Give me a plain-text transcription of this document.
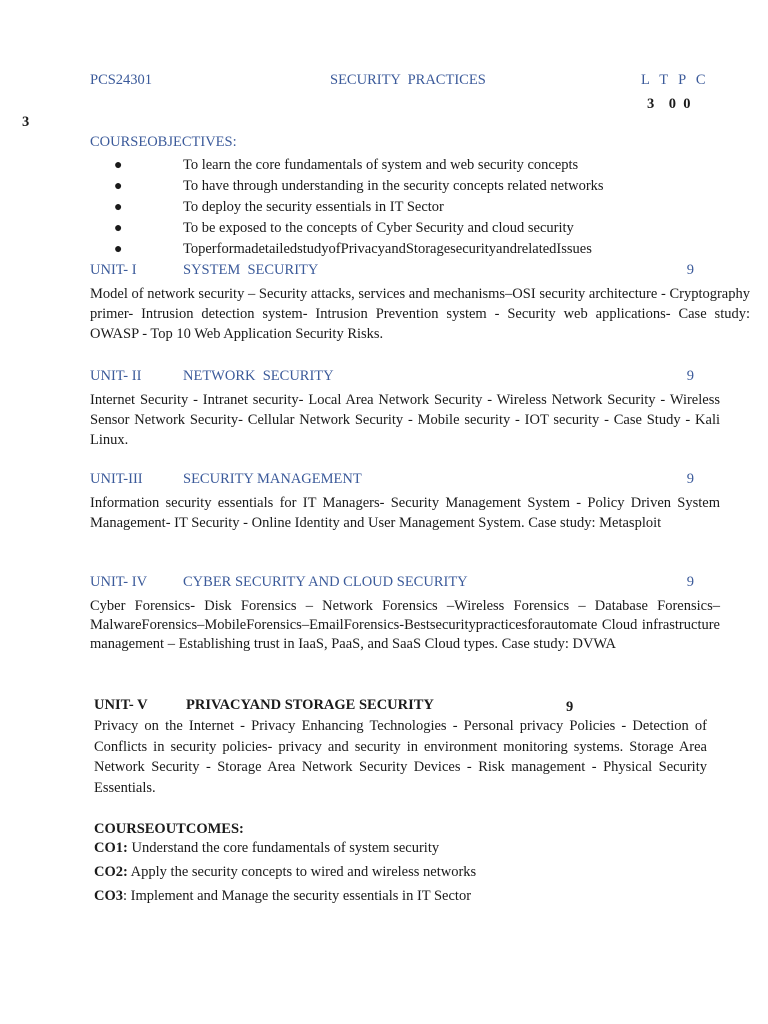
PCS24301	SECURITY  PRACTICES	L  T  P  C
3    0  0
3
COURSEOBJECTIVES:
●	To learn the core fundamentals of system and web security concepts
●	To have through understanding in the security concepts related networks
●	To deploy the security essentials in IT Sector
●	To be exposed to the concepts of Cyber Security and cloud security
●	ToperformadetailedstudyofPrivacyandStoragesecurityandrelatedIssues
UNIT- I	SYSTEM  SECURITY	9
Model of network security – Security attacks, services and mechanisms–OSI security architecture - Cryptography primer- Intrusion detection system- Intrusion Prevention system - Security web applications- Case study: OWASP - Top 10 Web Application Security Risks.
UNIT- II	NETWORK  SECURITY	9
Internet Security - Intranet security- Local Area Network Security - Wireless Network Security - Wireless Sensor Network Security- Cellular Network Security - Mobile security - IOT security - Case Study - Kali Linux.
UNIT-III	SECURITY MANAGEMENT	9
Information security essentials for IT Managers- Security Management System - Policy Driven System Management- IT Security - Online Identity and User Management System. Case study: Metasploit
UNIT- IV CYBER SECURITY AND CLOUD SECURITY	9
Cyber Forensics- Disk Forensics – Network Forensics –Wireless Forensics – Database Forensics– MalwareForensics–MobileForensics–EmailForensics-Bestsecuritypracticesforautomate Cloud infrastructure management – Establishing trust in IaaS, PaaS, and SaaS Cloud types. Case study: DVWA
UNIT- V	PRIVACYAND STORAGE SECURITY	9
Privacy on the Internet - Privacy Enhancing Technologies - Personal privacy Policies - Detection of Conflicts in security policies- privacy and security in environment monitoring systems. Storage Area Network Security - Storage Area Network Security Devices - Risk management - Physical Security Essentials.
COURSEOUTCOMES:
CO1: Understand the core fundamentals of system security
CO2: Apply the security concepts to wired and wireless networks
CO3: Implement and Manage the security essentials in IT Sector
